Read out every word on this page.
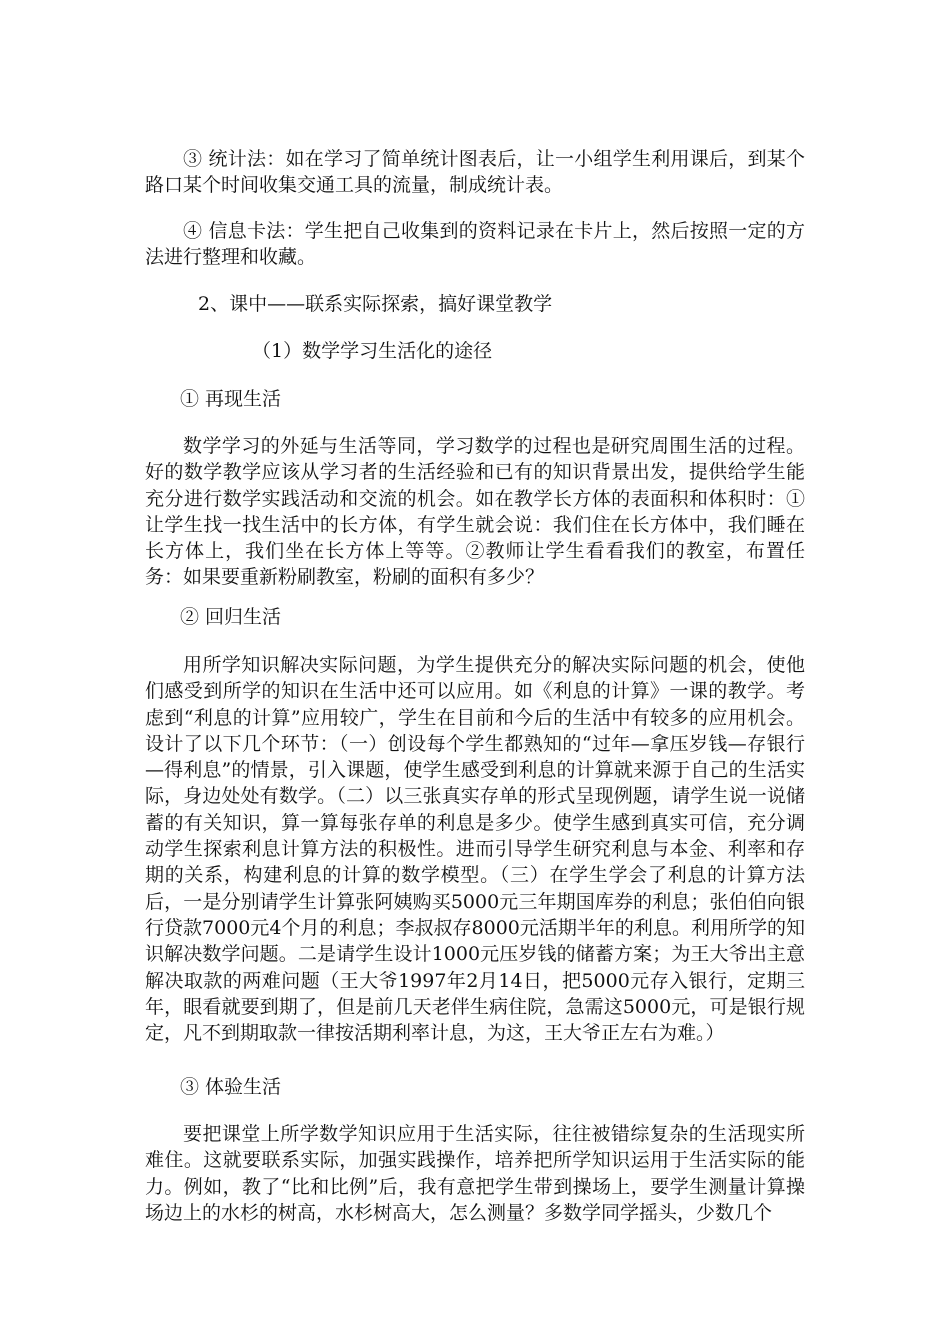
③ 统计法：如在学习了简单统计图表后，让一小组学生利用课后，到某个路口某个时间收集交通工具的流量，制成统计表。

④ 信息卡法：学生把自己收集到的资料记录在卡片上，然后按照一定的方法进行整理和收藏。

2、课中——联系实际探索，搞好课堂教学

（1）数学学习生活化的途径

① 再现生活

数学学习的外延与生活等同，学习数学的过程也是研究周围生活的过程。好的数学教学应该从学习者的生活经验和已有的知识背景出发，提供给学生能充分进行数学实践活动和交流的机会。如在教学长方体的表面积和体积时：①让学生找一找生活中的长方体，有学生就会说：我们住在长方体中，我们睡在长方体上，我们坐在长方体上等等。②教师让学生看看我们的教室，布置任务：如果要重新粉刷教室，粉刷的面积有多少？

② 回归生活

用所学知识解决实际问题，为学生提供充分的解决实际问题的机会，使他们感受到所学的知识在生活中还可以应用。如《利息的计算》一课的教学。考虑到“利息的计算”应用较广，学生在目前和今后的生活中有较多的应用机会。设计了以下几个环节：（一）创设每个学生都熟知的“过年—拿压岁钱—存银行—得利息”的情景，引入课题，使学生感受到利息的计算就来源于自己的生活实际，身边处处有数学。（二）以三张真实存单的形式呈现例题，请学生说一说储蓄的有关知识，算一算每张存单的利息是多少。使学生感到真实可信，充分调动学生探索利息计算方法的积极性。进而引导学生研究利息与本金、利率和存期的关系，构建利息的计算的数学模型。（三）在学生学会了利息的计算方法后，一是分别请学生计算张阿姨购买5000元三年期国库券的利息；张伯伯向银行贷款7000元4个月的利息；李叔叔存8000元活期半年的利息。利用所学的知识解决数学问题。二是请学生设计1000元压岁钱的储蓄方案；为王大爷出主意解决取款的两难问题（王大爷1997年2月14日，把5000元存入银行，定期三年，眼看就要到期了，但是前几天老伴生病住院，急需这5000元，可是银行规定，凡不到期取款一律按活期利率计息，为这，王大爷正左右为难。）

③ 体验生活

要把课堂上所学数学知识应用于生活实际，往往被错综复杂的生活现实所难住。这就要联系实际，加强实践操作，培养把所学知识运用于生活实际的能力。例如，教了“比和比例”后，我有意把学生带到操场上，要学生测量计算操场边上的水杉的树高，水杉树高大，怎么测量？多数学同学摇头，少数几个
